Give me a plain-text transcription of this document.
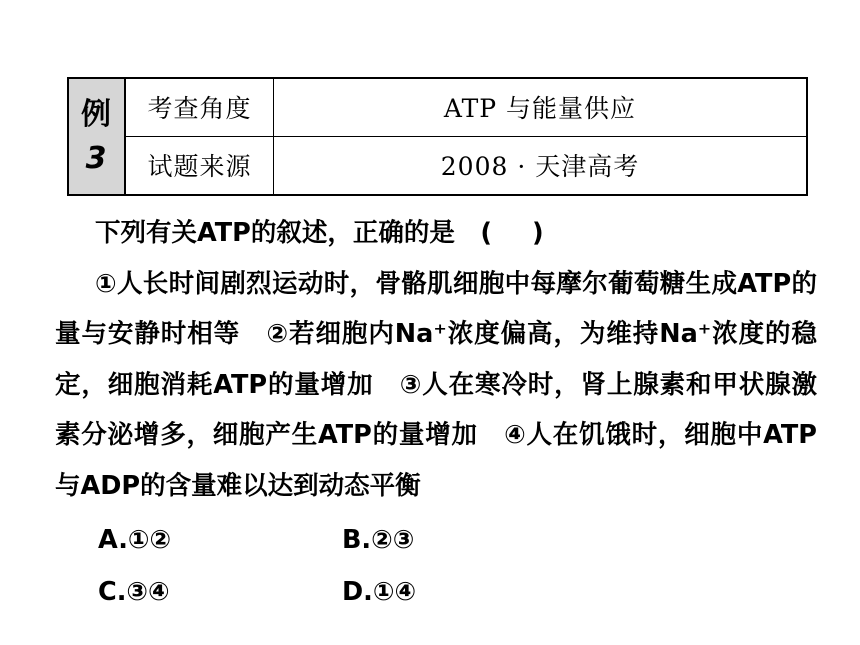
例
3
考查角度	ATP 与能量供应
试题来源	2008 · 天津高考

下列有关ATP的叙述，正确的是　 ( )

①人长时间剧烈运动时，骨骼肌细胞中每摩尔葡萄糖生成ATP的量与安静时相等　②若细胞内Na⁺浓度偏高，为维持Na⁺浓度的稳定，细胞消耗ATP的量增加　③人在寒冷时，肾上腺素和甲状腺激素分泌增多，细胞产生ATP的量增加　④人在饥饿时，细胞中ATP与ADP的含量难以达到动态平衡

A.①②	B.②③
C.③④	D.①④
